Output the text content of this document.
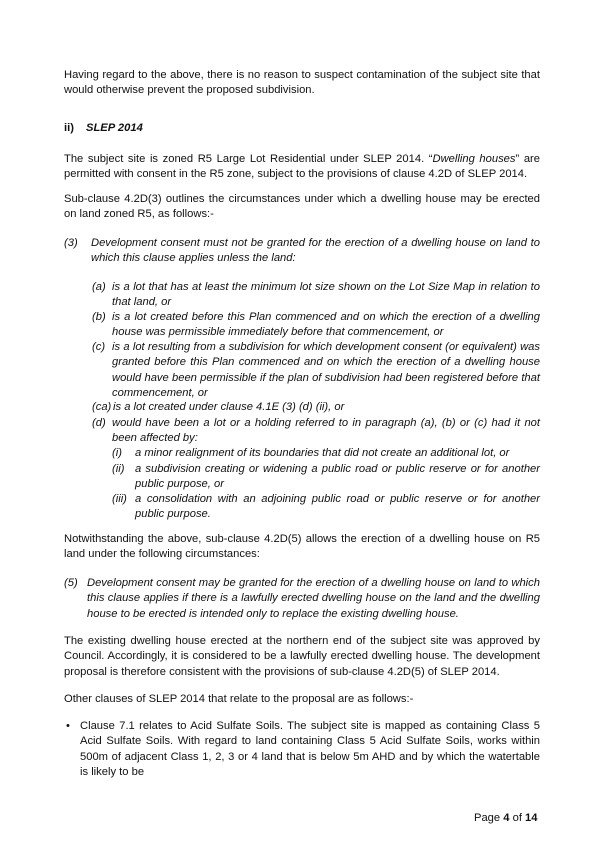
Having regard to the above, there is no reason to suspect contamination of the subject site that would otherwise prevent the proposed subdivision.
ii) SLEP 2014
The subject site is zoned R5 Large Lot Residential under SLEP 2014. “Dwelling houses” are permitted with consent in the R5 zone, subject to the provisions of clause 4.2D of SLEP 2014.
Sub-clause 4.2D(3) outlines the circumstances under which a dwelling house may be erected on land zoned R5, as follows:-
(3) Development consent must not be granted for the erection of a dwelling house on land to which this clause applies unless the land:
(a) is a lot that has at least the minimum lot size shown on the Lot Size Map in relation to that land, or
(b) is a lot created before this Plan commenced and on which the erection of a dwelling house was permissible immediately before that commencement, or
(c) is a lot resulting from a subdivision for which development consent (or equivalent) was granted before this Plan commenced and on which the erection of a dwelling house would have been permissible if the plan of subdivision had been registered before that commencement, or
(ca) is a lot created under clause 4.1E (3) (d) (ii), or
(d) would have been a lot or a holding referred to in paragraph (a), (b) or (c) had it not been affected by:
(i) a minor realignment of its boundaries that did not create an additional lot, or
(ii) a subdivision creating or widening a public road or public reserve or for another public purpose, or
(iii) a consolidation with an adjoining public road or public reserve or for another public purpose.
Notwithstanding the above, sub-clause 4.2D(5) allows the erection of a dwelling house on R5 land under the following circumstances:
(5) Development consent may be granted for the erection of a dwelling house on land to which this clause applies if there is a lawfully erected dwelling house on the land and the dwelling house to be erected is intended only to replace the existing dwelling house.
The existing dwelling house erected at the northern end of the subject site was approved by Council. Accordingly, it is considered to be a lawfully erected dwelling house. The development proposal is therefore consistent with the provisions of sub-clause 4.2D(5) of SLEP 2014.
Other clauses of SLEP 2014 that relate to the proposal are as follows:-
• Clause 7.1 relates to Acid Sulfate Soils. The subject site is mapped as containing Class 5 Acid Sulfate Soils. With regard to land containing Class 5 Acid Sulfate Soils, works within 500m of adjacent Class 1, 2, 3 or 4 land that is below 5m AHD and by which the watertable is likely to be
Page 4 of 14
